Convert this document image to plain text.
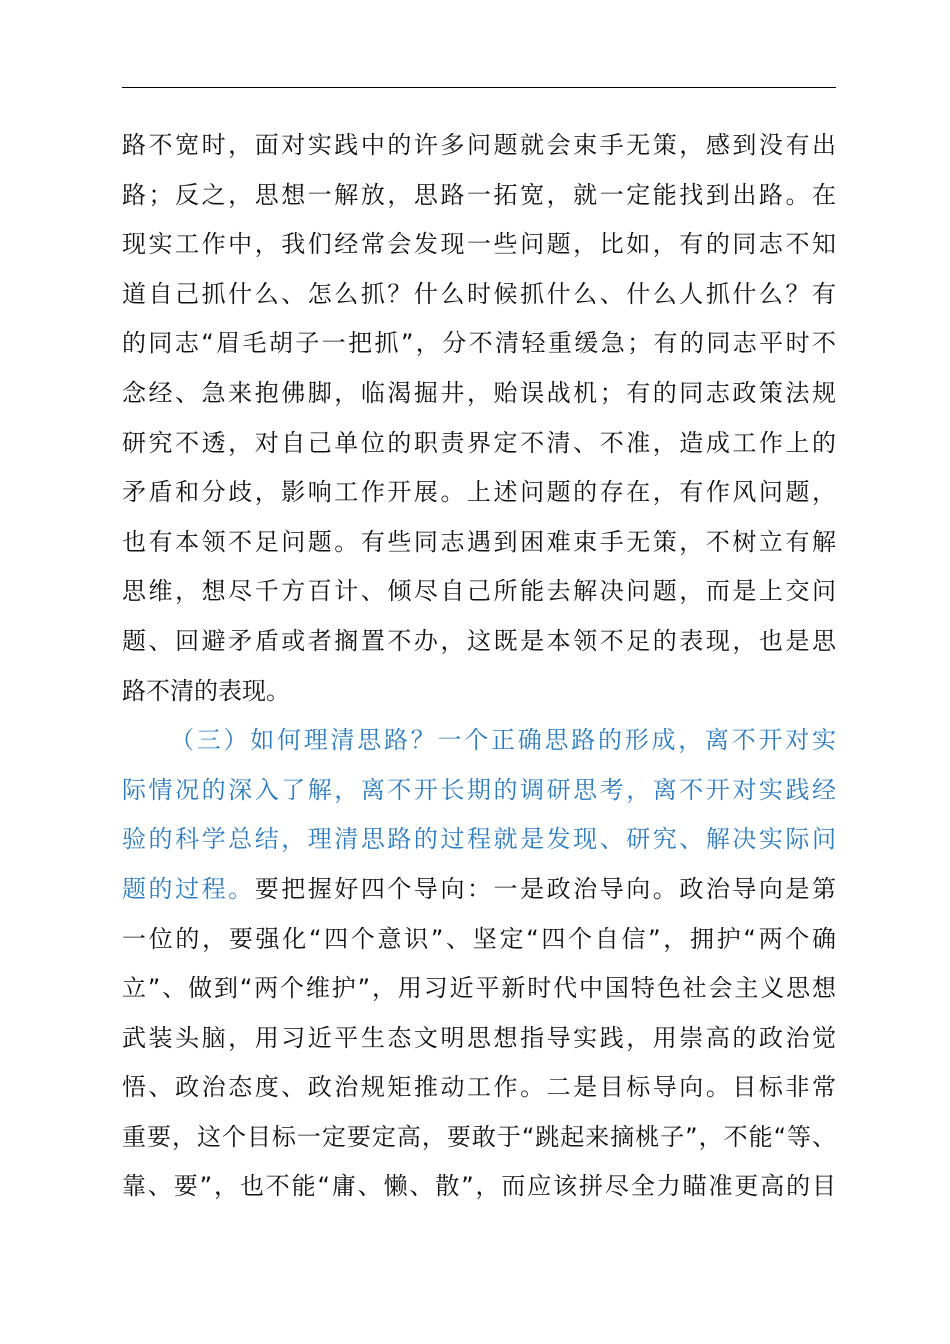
路不宽时，面对实践中的许多问题就会束手无策，感到没有出
路；反之，思想一解放，思路一拓宽，就一定能找到出路。在
现实工作中，我们经常会发现一些问题，比如，有的同志不知
道自己抓什么、怎么抓？什么时候抓什么、什么人抓什么？有
的同志“眉毛胡子一把抓”，分不清轻重缓急；有的同志平时不
念经、急来抱佛脚，临渴掘井，贻误战机；有的同志政策法规
研究不透，对自己单位的职责界定不清、不准，造成工作上的
矛盾和分歧，影响工作开展。上述问题的存在，有作风问题，
也有本领不足问题。有些同志遇到困难束手无策，不树立有解
思维，想尽千方百计、倾尽自己所能去解决问题，而是上交问
题、回避矛盾或者搁置不办，这既是本领不足的表现，也是思
路不清的表现。
（三）如何理清思路？一个正确思路的形成，离不开对实
际情况的深入了解，离不开长期的调研思考，离不开对实践经
验的科学总结，理清思路的过程就是发现、研究、解决实际问
题的过程。要把握好四个导向：一是政治导向。政治导向是第
一位的，要强化“四个意识”、坚定“四个自信”，拥护“两个确
立”、做到“两个维护”，用习近平新时代中国特色社会主义思想
武装头脑，用习近平生态文明思想指导实践，用崇高的政治觉
悟、政治态度、政治规矩推动工作。二是目标导向。目标非常
重要，这个目标一定要定高，要敢于“跳起来摘桃子”，不能“等、
靠、要”，也不能“庸、懒、散”，而应该拼尽全力瞄准更高的目
